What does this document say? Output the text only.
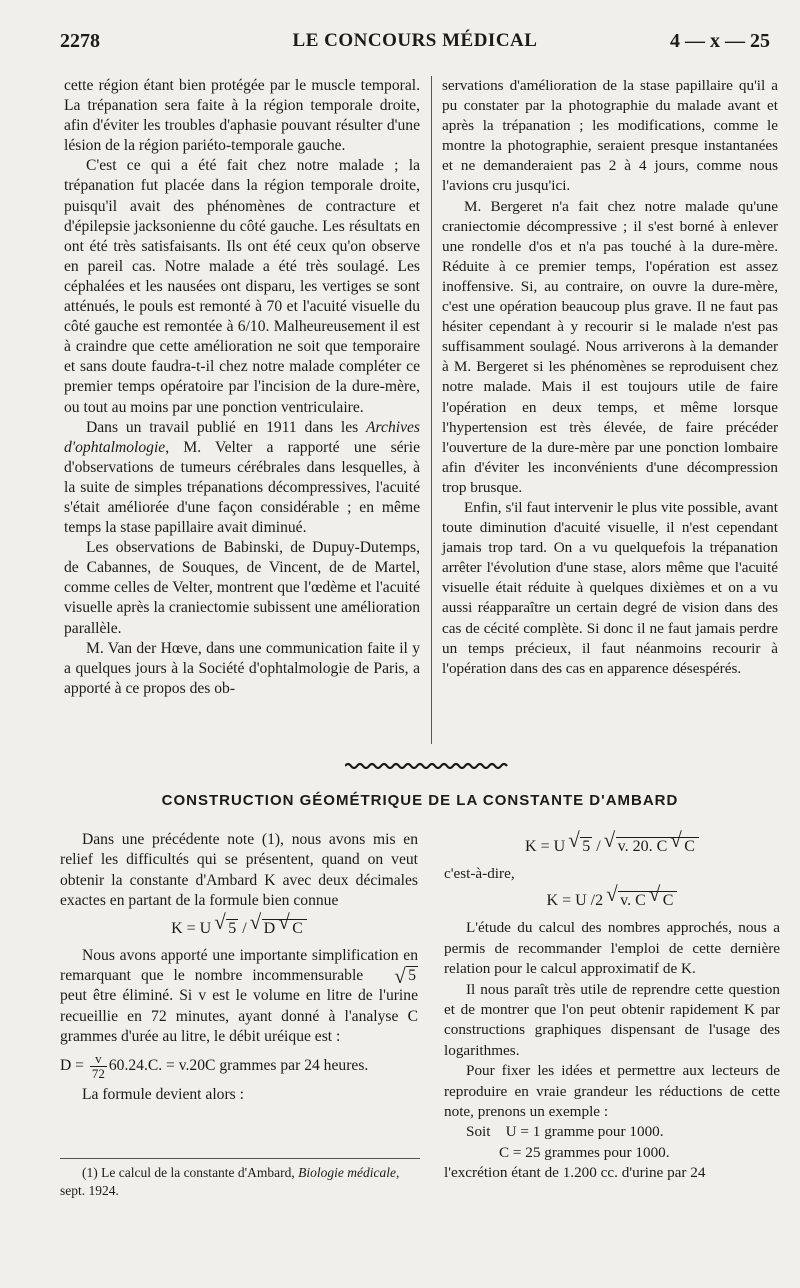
2278	LE CONCOURS MÉDICAL	4 — x — 25

cette région étant bien protégée par le muscle temporal. La trépanation sera faite à la région temporale droite, afin d'éviter les troubles d'aphasie pouvant résulter d'une lésion de la région pariéto-temporale gauche.

C'est ce qui a été fait chez notre malade ; la trépanation fut placée dans la région temporale droite, puisqu'il avait des phénomènes de contracture et d'épilepsie jacksonienne du côté gauche. Les résultats en ont été très satisfaisants. Ils ont été ceux qu'on observe en pareil cas. Notre malade a été très soulagé. Les céphalées et les nausées ont disparu, les vertiges se sont atténués, le pouls est remonté à 70 et l'acuité visuelle du côté gauche est remontée à 6/10. Malheureusement il est à craindre que cette amélioration ne soit que temporaire et sans doute faudra-t-il chez notre malade compléter ce premier temps opératoire par l'incision de la dure-mère, ou tout au moins par une ponction ventriculaire.

Dans un travail publié en 1911 dans les Archives d'ophtalmologie, M. Velter a rapporté une série d'observations de tumeurs cérébrales dans lesquelles, à la suite de simples trépanations décompressives, l'acuité s'était améliorée d'une façon considérable ; en même temps la stase papillaire avait diminué.

Les observations de Babinski, de Dupuy-Dutemps, de Cabannes, de Souques, de Vincent, de de Martel, comme celles de Velter, montrent que l'œdème et l'acuité visuelle après la craniectomie subissent une amélioration parallèle.

M. Van der Hœve, dans une communication faite il y a quelques jours à la Société d'ophtalmologie de Paris, a apporté à ce propos des ob-

servations d'amélioration de la stase papillaire qu'il a pu constater par la photographie du malade avant et après la trépanation ; les modifications, comme le montre la photographie, seraient presque instantanées et ne demanderaient pas 2 à 4 jours, comme nous l'avions cru jusqu'ici.

M. Bergeret n'a fait chez notre malade qu'une craniectomie décompressive ; il s'est borné à enlever une rondelle d'os et n'a pas touché à la dure-mère. Réduite à ce premier temps, l'opération est assez inoffensive. Si, au contraire, on ouvre la dure-mère, c'est une opération beaucoup plus grave. Il ne faut pas hésiter cependant à y recourir si le malade n'est pas suffisamment soulagé. Nous arriverons à la demander à M. Bergeret si les phénomènes se reproduisent chez notre malade. Mais il est toujours utile de faire l'opération en deux temps, et même lorsque l'hypertension est très élevée, de faire précéder l'ouverture de la dure-mère par une ponction lombaire afin d'éviter les inconvénients d'une décompression trop brusque.

Enfin, s'il faut intervenir le plus vite possible, avant toute diminution d'acuité visuelle, il n'est cependant jamais trop tard. On a vu quelquefois la trépanation arrêter l'évolution d'une stase, alors même que l'acuité visuelle était réduite à quelques dixièmes et on a vu aussi réapparaître un certain degré de vision dans des cas de cécité complète. Si donc il ne faut jamais perdre un temps précieux, il faut néanmoins recourir à l'opération dans des cas en apparence désespérés.

CONSTRUCTION GÉOMÉTRIQUE DE LA CONSTANTE D'AMBARD

Dans une précédente note (1), nous avons mis en relief les difficultés qui se présentent, quand on veut obtenir la constante d'Ambard K avec deux décimales exactes en partant de la formule bien connue

K = U √ 5 / √ D √ C

Nous avons apporté une importante simplification en remarquant que le nombre incommensurable	√ 5 peut être éliminé. Si v est le volume en litre de l'urine recueillie en 72 minutes, ayant donné à l'analyse C grammes d'urée au litre, le débit uréique est :

$D = \frac{v}{72} 60.24.C$. = v.20C grammes par 24 heures.

La formule devient alors :

K = U √ 5 / √ v. 20. C √ C

c'est-à-dire,

K = U /2 √ v. C √ C

L'étude du calcul des nombres approchés, nous a permis de recommander l'emploi de cette dernière relation pour le calcul approximatif de K.

Il nous paraît très utile de reprendre cette question et de montrer que l'on peut obtenir rapidement K par constructions graphiques dispensant de l'usage des logarithmes.

Pour fixer les idées et permettre aux lecteurs de reproduire en vraie grandeur les réductions de cette note, prenons un exemple :

Soit U = 1 gramme pour 1000.

C = 25 grammes pour 1000.

l'excrétion étant de 1.200 cc. d'urine par 24

(1) Le calcul de la constante d'Ambard, Biologie médicale, sept. 1924.
